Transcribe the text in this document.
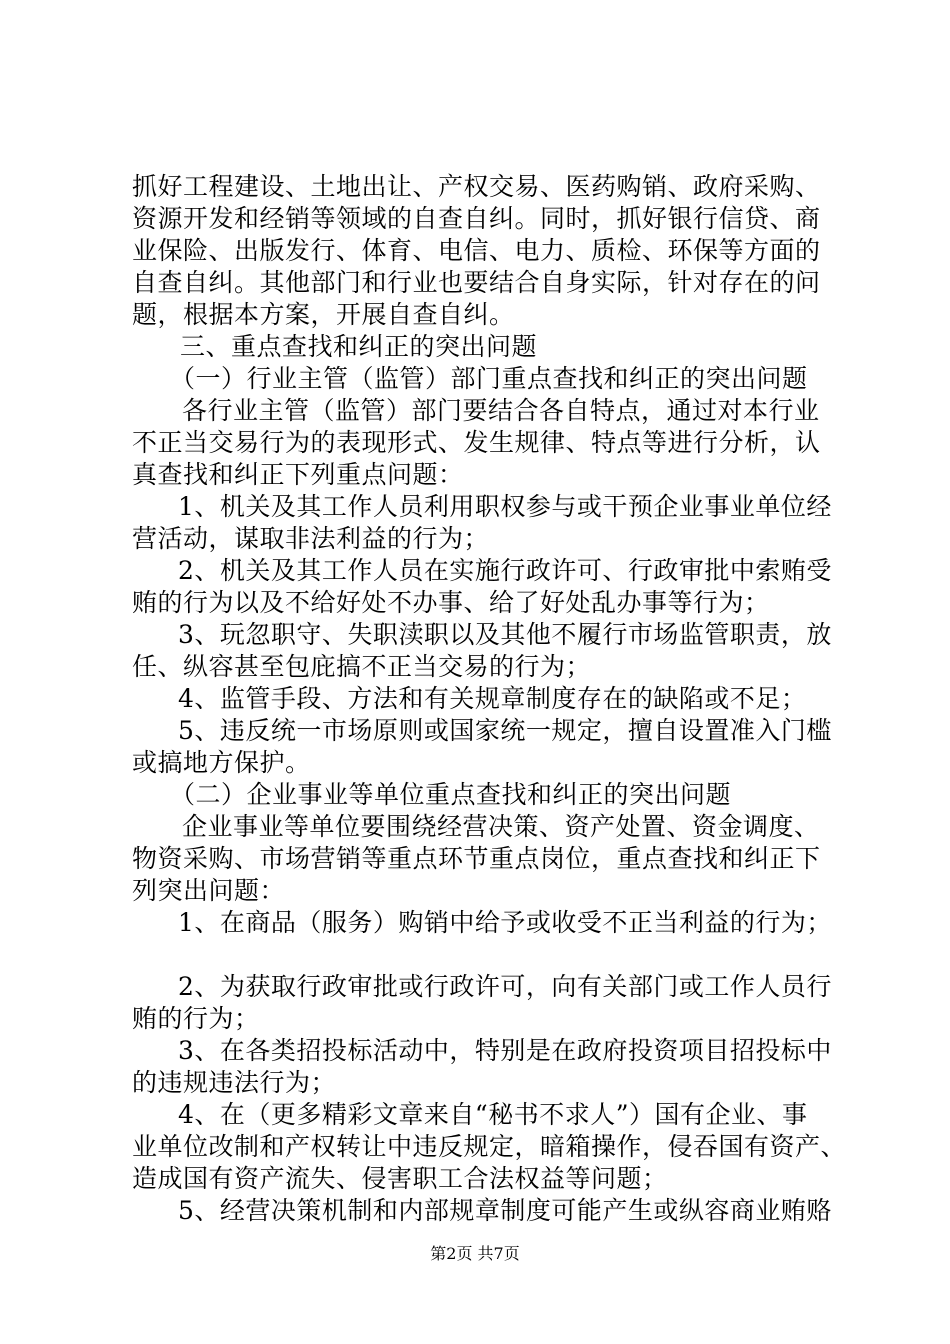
抓好工程建设、土地出让、产权交易、医药购销、政府采购、
资源开发和经销等领域的自查自纠。同时，抓好银行信贷、商
业保险、出版发行、体育、电信、电力、质检、环保等方面的
自查自纠。其他部门和行业也要结合自身实际，针对存在的问
题，根据本方案，开展自查自纠。
三、重点查找和纠正的突出问题
（一）行业主管（监管）部门重点查找和纠正的突出问题
各行业主管（监管）部门要结合各自特点，通过对本行业
不正当交易行为的表现形式、发生规律、特点等进行分析，认
真查找和纠正下列重点问题：
1、机关及其工作人员利用职权参与或干预企业事业单位经
营活动，谋取非法利益的行为；
2、机关及其工作人员在实施行政许可、行政审批中索贿受
贿的行为以及不给好处不办事、给了好处乱办事等行为；
3、玩忽职守、失职渎职以及其他不履行市场监管职责，放
任、纵容甚至包庇搞不正当交易的行为；
4、监管手段、方法和有关规章制度存在的缺陷或不足；
5、违反统一市场原则或国家统一规定，擅自设置准入门槛
或搞地方保护。
（二）企业事业等单位重点查找和纠正的突出问题
企业事业等单位要围绕经营决策、资产处置、资金调度、
物资采购、市场营销等重点环节重点岗位，重点查找和纠正下
列突出问题：
1、在商品（服务）购销中给予或收受不正当利益的行为；
2、为获取行政审批或行政许可，向有关部门或工作人员行
贿的行为；
3、在各类招投标活动中，特别是在政府投资项目招投标中
的违规违法行为；
4、在（更多精彩文章来自“秘书不求人”）国有企业、事
业单位改制和产权转让中违反规定，暗箱操作，侵吞国有资产、
造成国有资产流失、侵害职工合法权益等问题；
5、经营决策机制和内部规章制度可能产生或纵容商业贿赂
第2页 共7页
